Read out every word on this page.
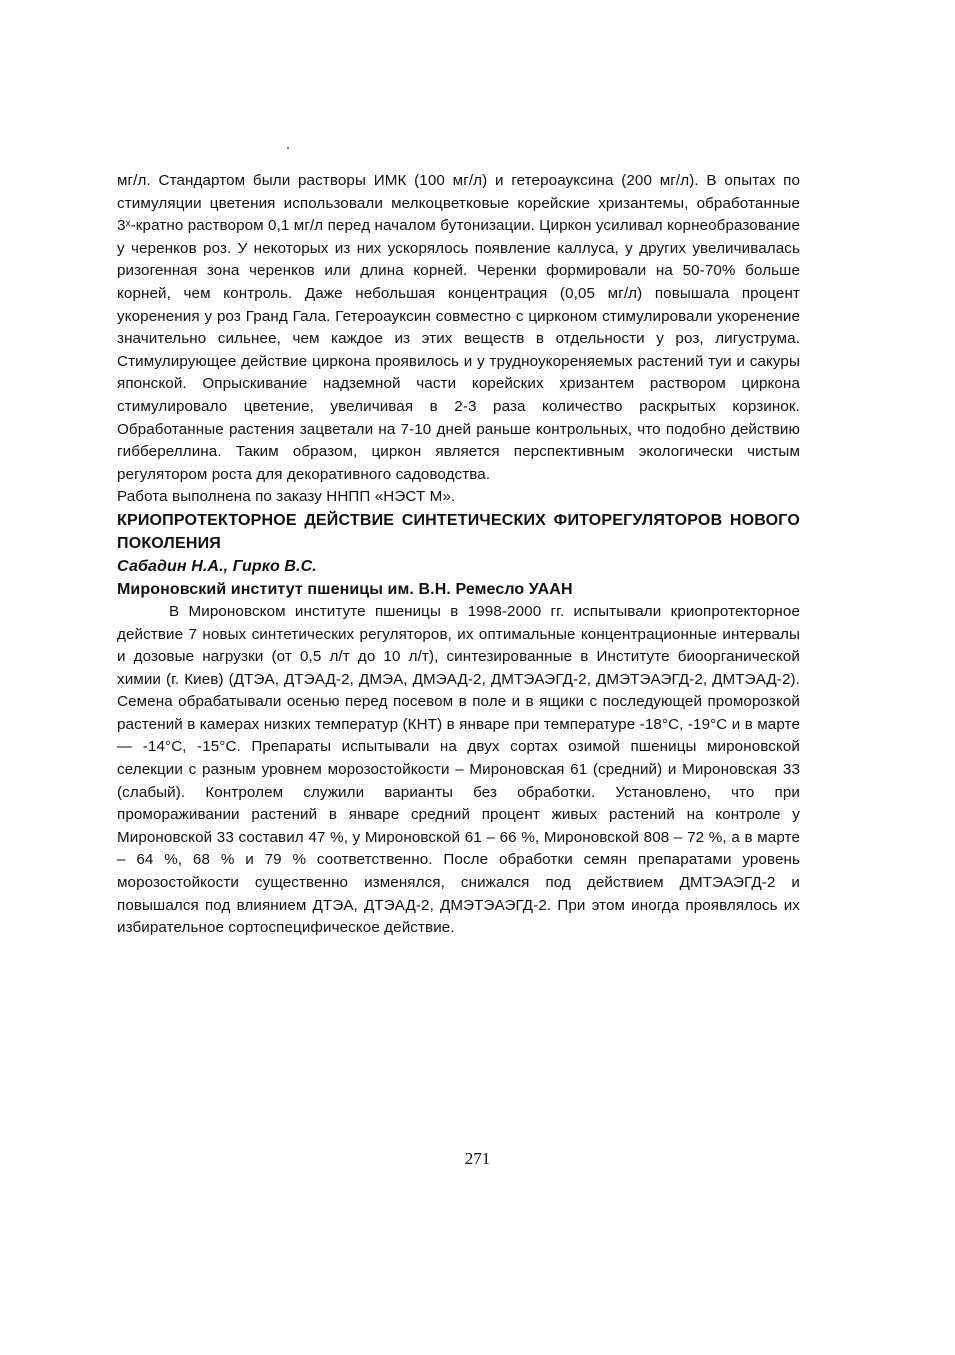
мг/л. Стандартом были растворы ИМК (100 мг/л) и гетероауксина (200 мг/л). В опытах по стимуляции цветения использовали мелкоцветковые корейские хризантемы, обработанные 3ˣ-кратно раствором 0,1 мг/л перед началом бутонизации. Циркон усиливал корнеобразование у черенков роз. У некоторых из них ускорялось появление каллуса, у других увеличивалась ризогенная зона черенков или длина корней. Черенки формировали на 50-70% больше корней, чем контроль. Даже небольшая концентрация (0,05 мг/л) повышала процент укоренения у роз Гранд Гала. Гетероауксин совместно с цирконом стимулировали укоренение значительно сильнее, чем каждое из этих веществ в отдельности у роз, лигуструма. Стимулирующее действие циркона проявилось и у трудноукореняемых растений туи и сакуры японской. Опрыскивание надземной части корейских хризантем раствором циркона стимулировало цветение, увеличивая в 2-3 раза количество раскрытых корзинок. Обработанные растения зацветали на 7-10 дней раньше контрольных, что подобно действию гиббереллина. Таким образом, циркон является перспективным экологически чистым регулятором роста для декоративного садоводства.

Работа выполнена по заказу ННПП «НЭСТ М».

КРИОПРОТЕКТОРНОЕ ДЕЙСТВИЕ СИНТЕТИЧЕСКИХ ФИТОРЕГУЛЯТОРОВ НОВОГО ПОКОЛЕНИЯ

Сабадин Н.А., Гирко В.С.

Мироновский институт пшеницы им. В.Н. Ремесло УААН

В Мироновском институте пшеницы в 1998-2000 гг. испытывали криопротекторное действие 7 новых синтетических регуляторов, их оптимальные концентрационные интервалы и дозовые нагрузки (от 0,5 л/т до 10 л/т), синтезированные в Институте биоорганической химии (г. Киев) (ДТЭА, ДТЭАД-2, ДМЭА, ДМЭАД-2, ДМТЭАЭГД-2, ДМЭТЭАЭГД-2, ДМТЭАД-2). Семена обрабатывали осенью перед посевом в поле и в ящики с последующей проморозкой растений в камерах низких температур (КНТ) в январе при температуре -18°С, -19°С и в марте — -14°С, -15°С. Препараты испытывали на двух сортах озимой пшеницы мироновской селекции с разным уровнем морозостойкости – Мироновская 61 (средний) и Мироновская 33 (слабый). Контролем служили варианты без обработки. Установлено, что при промораживании растений в январе средний процент живых растений на контроле у Мироновской 33 составил 47 %, у Мироновской 61 – 66 %, Мироновской 808 – 72 %, а в марте – 64 %, 68 % и 79 % соответственно. После обработки семян препаратами уровень морозостойкости существенно изменялся, снижался под действием ДМТЭАЭГД-2 и повышался под влиянием ДТЭА, ДТЭАД-2, ДМЭТЭАЭГД-2. При этом иногда проявлялось их избирательное сортоспецифическое действие.

271
